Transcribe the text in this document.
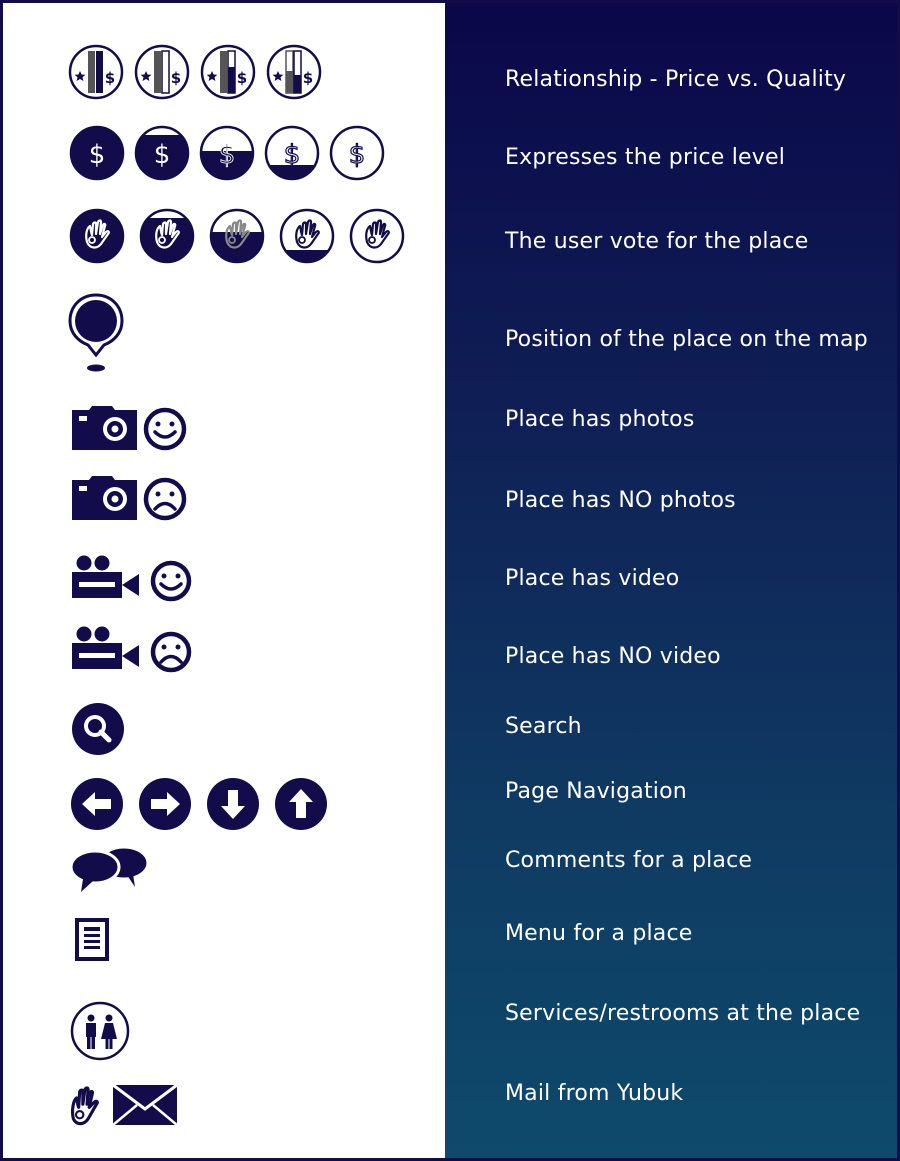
Relationship - Price vs. Quality
$ $ $ $ $	Expresses the price level
The user vote for the place
Position of the place on the map
Place has photos
Place has NO photos
Place has video
Place has NO video
Search
Page Navigation
Comments for a place
Menu for a place
Services/restrooms at the place
Mail from Yubuk
